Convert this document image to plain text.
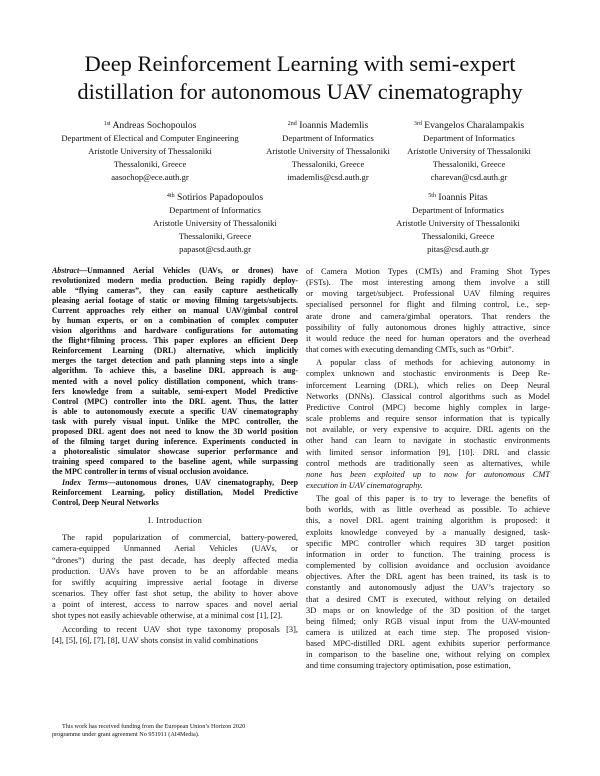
Deep Reinforcement Learning with semi-expert
distillation for autonomous UAV cinematography
$^{1st}$ Andreas Sochopoulos
Department of Electical and Computer Engineering
Aristotle University of Thessaloniki
Thessaloniki, Greece
aasochop@ece.auth.gr
$^{2nd}$ Ioannis Mademlis
Department of Informatics
Aristotle University of Thessaloniki
Thessaloniki, Greece
imademlis@csd.auth.gr
$^{3rd}$ Evangelos Charalampakis
Department of Informatics
Aristotle University of Thessaloniki
Thessaloniki, Greece
charevan@csd.auth.gr
$^{4th}$ Sotirios Papadopoulos
Department of Informatics
Aristotle University of Thessaloniki
Thessaloniki, Greece
papasot@csd.auth.gr
$^{5th}$ Ioannis Pitas
Department of Informatics
Aristotle University of Thessaloniki
Thessaloniki, Greece
pitas@csd.auth.gr
Abstract—Unmanned Aerial Vehicles (UAVs, or drones) have revolutionized modern media production. Being rapidly deploy- able “flying cameras”, they can easily capture aesthetically pleasing aerial footage of static or moving filming targets/subjects. Current approaches rely either on manual UAV/gimbal control by human experts, or on a combination of complex computer vision algorithms and hardware configurations for automating the flight+filming process. This paper explores an efficient Deep Reinforcement Learning (DRL) alternative, which implicitly merges the target detection and path planning steps into a single algorithm. To achieve this, a baseline DRL approach is aug- mented with a novel policy distillation component, which trans- fers knowledge from a suitable, semi-expert Model Predictive Control (MPC) controller into the DRL agent. Thus, the latter is able to autonomously execute a specific UAV cinematography task with purely visual input. Unlike the MPC controller, the proposed DRL agent does not need to know the 3D world position of the filming target during inference. Experiments conducted in a photorealistic simulator showcase superior performance and training speed compared to the baseline agent, while surpassing the MPC controller in terms of visual occlusion avoidance.
Index Terms—autonomous drones, UAV cinematography, Deep Reinforcement Learning, policy distillation, Model Predictive Control, Deep Neural Networks
I. Introduction
The rapid popularization of commercial, battery-powered, camera-equipped Unmanned Aerial Vehicles (UAVs, or “drones”) during the past decade, has deeply affected media production. UAVs have proven to be an affordable means for swiftly acquiring impressive aerial footage in diverse scenarios. They offer fast shot setup, the ability to hover above a point of interest, access to narrow spaces and novel aerial shot types not easily achievable otherwise, at a minimal cost [1], [2].
According to recent UAV shot type taxonomy proposals [3], [4], [5], [6], [7], [8], UAV shots consist in valid combinations
This work has received funding from the European Union’s Horizon 2020
programme under grant agreement No 951911 (AI4Media).
of Camera Motion Types (CMTs) and Framing Shot Types (FSTs). The most interesting among them involve a still or moving target/subject. Professional UAV filming requires specialised personnel for flight and filming control, i.e., sep- arate drone and camera/gimbal operators. That renders the possibility of fully autonomous drones highly attractive, since it would reduce the need for human operators and the overhead that comes with executing demanding CMTs, such as “Orbit”.
A popular class of methods for achieving autonomy in complex unknown and stochastic environments is Deep Re- inforcement Learning (DRL), which relies on Deep Neural Networks (DNNs). Classical control algorithms such as Model Predictive Control (MPC) become highly complex in large- scale problems and require sensor information that is typically not available, or very expensive to acquire. DRL agents on the other hand can learn to navigate in stochastic environments with limited sensor information [9], [10]. DRL and classic control methods are traditionally seen as alternatives, while none has been exploited up to now for autonomous CMT execution in UAV cinematography.
The goal of this paper is to try to leverage the benefits of both worlds, with as little overhead as possible. To achieve this, a novel DRL agent training algorithm is proposed: it exploits knowledge conveyed by a manually designed, task- specific MPC controller which requires 3D target position information in order to function. The training process is complemented by collision avoidance and occlusion avoidance objectives. After the DRL agent has been trained, its task is to constantly and autonomously adjust the UAV’s trajectory so that a desired CMT is executed, without relying on detailed 3D maps or on knowledge of the 3D position of the target being filmed; only RGB visual input from the UAV-mounted camera is utilized at each time step. The proposed vision- based MPC-distilled DRL agent exhibits superior performance in comparison to the baseline one, without relying on complex and time consuming trajectory optimisation, pose estimation,
